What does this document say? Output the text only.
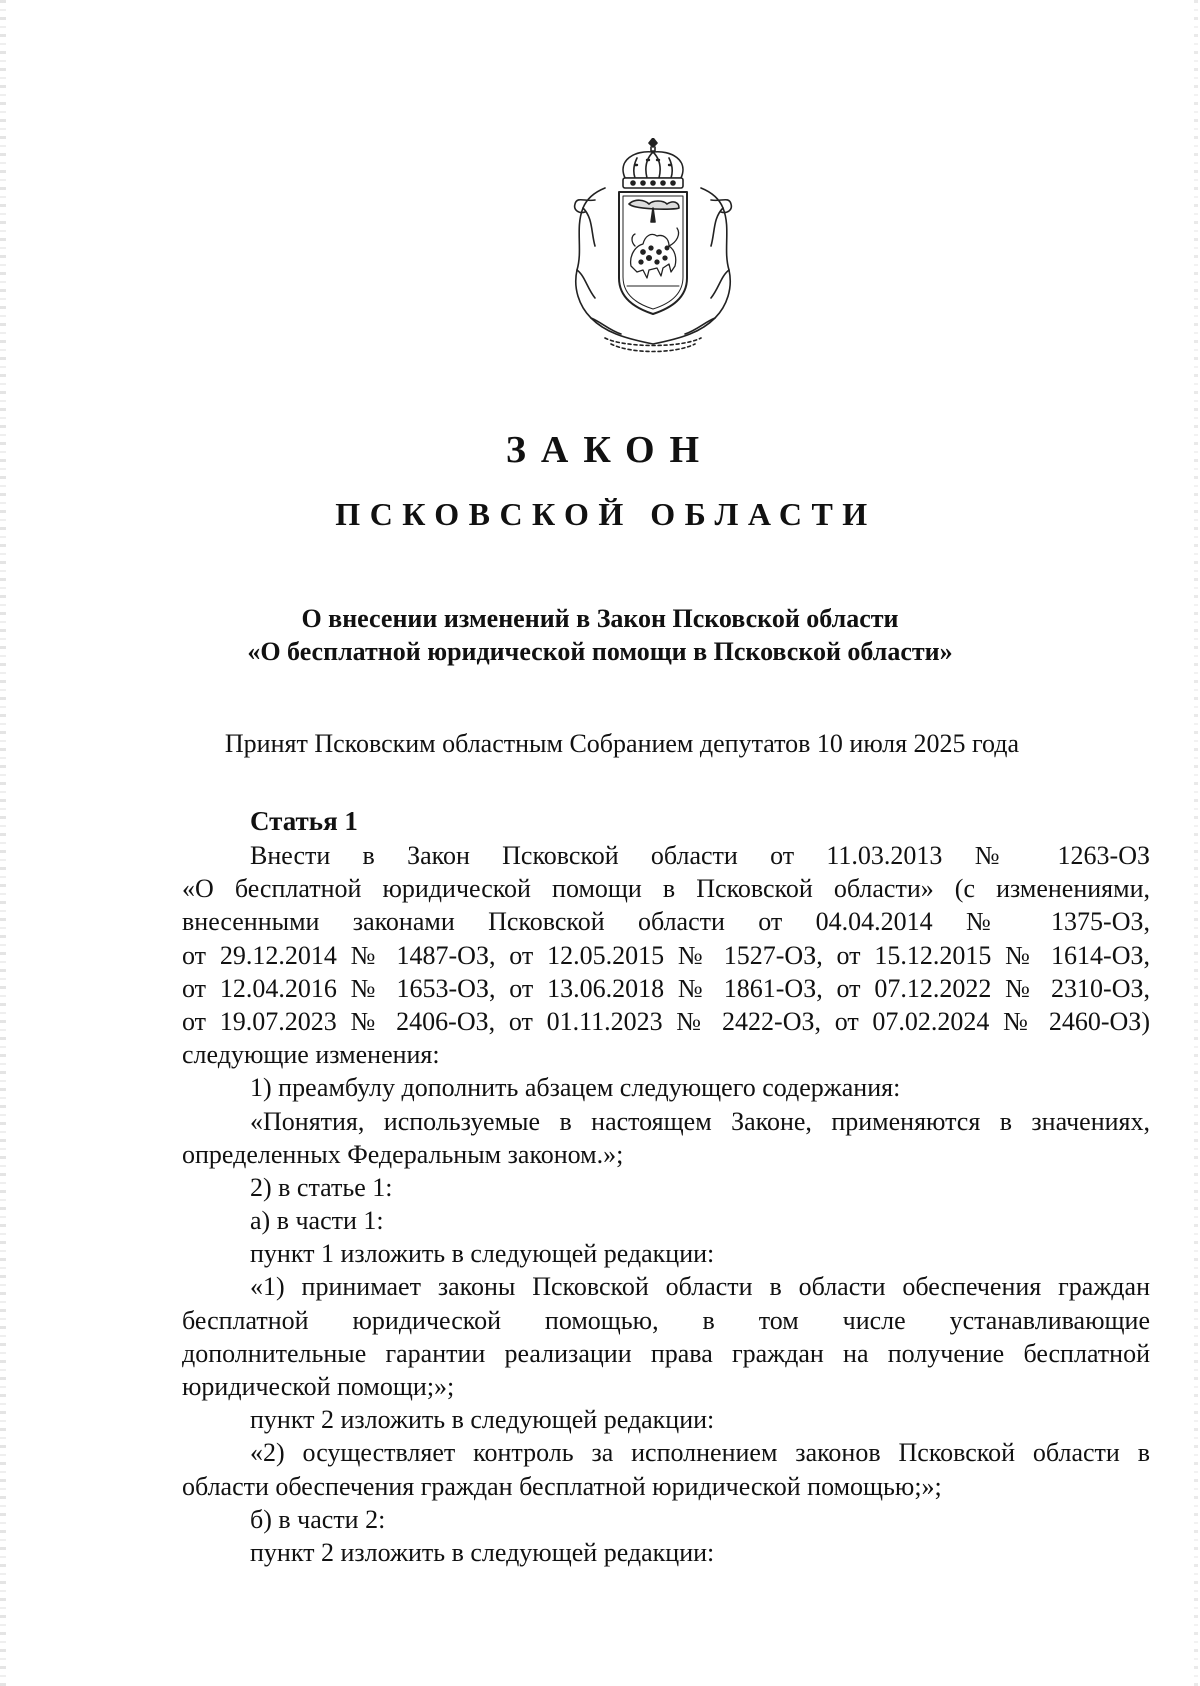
ЗАКОН
ПСКОВСКОЙ ОБЛАСТИ
О внесении изменений в Закон Псковской области
«О бесплатной юридической помощи в Псковской области»
Принят Псковским областным Собранием депутатов 10 июля 2025 года
Статья 1
Внести в Закон Псковской области от 11.03.2013 № 1263-ОЗ
«О бесплатной юридической помощи в Псковской области» (с изменениями,
внесенными законами Псковской области от 04.04.2014 № 1375-ОЗ,
от 29.12.2014 № 1487-ОЗ, от 12.05.2015 № 1527-ОЗ, от 15.12.2015 № 1614-ОЗ,
от 12.04.2016 № 1653-ОЗ, от 13.06.2018 № 1861-ОЗ, от 07.12.2022 № 2310-ОЗ,
от 19.07.2023 № 2406-ОЗ, от 01.11.2023 № 2422-ОЗ, от 07.02.2024 № 2460-ОЗ)
следующие изменения:
1) преамбулу дополнить абзацем следующего содержания:
«Понятия, используемые в настоящем Законе, применяются в значениях,
определенных Федеральным законом.»;
2) в статье 1:
а) в части 1:
пункт 1 изложить в следующей редакции:
«1) принимает законы Псковской области в области обеспечения граждан
бесплатной юридической помощью, в том числе устанавливающие
дополнительные гарантии реализации права граждан на получение бесплатной
юридической помощи;»;
пункт 2 изложить в следующей редакции:
«2) осуществляет контроль за исполнением законов Псковской области в
области обеспечения граждан бесплатной юридической помощью;»;
б) в части 2:
пункт 2 изложить в следующей редакции:
